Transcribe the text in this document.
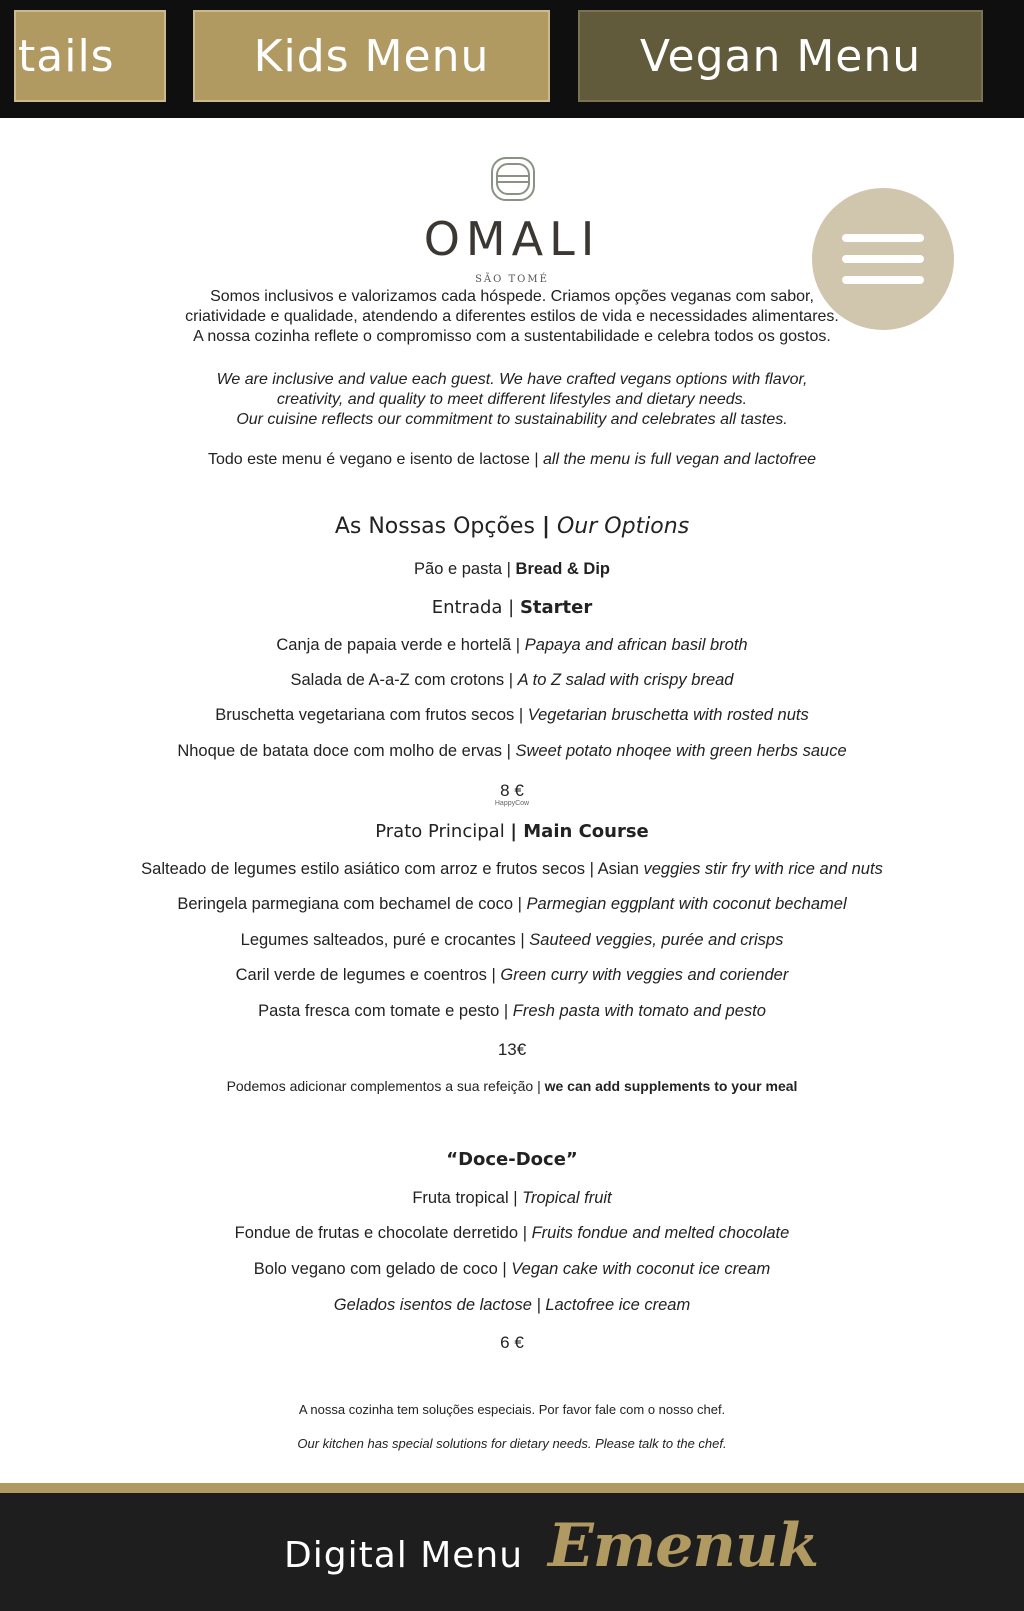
tails	Kids Menu	Vegan Menu
OMALI
SÃO TOMÉ
Somos inclusivos e valorizamos cada hóspede. Criamos opções veganas com sabor,
criatividade e qualidade, atendendo a diferentes estilos de vida e necessidades alimentares.
A nossa cozinha reflete o compromisso com a sustentabilidade e celebra todos os gostos.
We are inclusive and value each guest. We have crafted vegans options with flavor,
creativity, and quality to meet different lifestyles and dietary needs.
Our cuisine reflects our commitment to sustainability and celebrates all tastes.
Todo este menu é vegano e isento de lactose | all the menu is full vegan and lactofree
As Nossas Opções | Our Options
Pão e pasta | Bread & Dip
Entrada | Starter
Canja de papaia verde e hortelã | Papaya and african basil broth
Salada de A-a-Z com crotons | A to Z salad with crispy bread
Bruschetta vegetariana com frutos secos | Vegetarian bruschetta with rosted nuts
Nhoque de batata doce com molho de ervas | Sweet potato nhoqee with green herbs sauce
8 €
HappyCow
Prato Principal | Main Course
Salteado de legumes estilo asiático com arroz e frutos secos | Asian veggies stir fry with rice and nuts
Beringela parmegiana com bechamel de coco | Parmegian eggplant with coconut bechamel
Legumes salteados, puré e crocantes | Sauteed veggies, purée and crisps
Caril verde de legumes e coentros | Green curry with veggies and coriender
Pasta fresca com tomate e pesto | Fresh pasta with tomato and pesto
13€
Podemos adicionar complementos a sua refeição | we can add supplements to your meal
“Doce-Doce”
Fruta tropical | Tropical fruit
Fondue de frutas e chocolate derretido | Fruits fondue and melted chocolate
Bolo vegano com gelado de coco | Vegan cake with coconut ice cream
Gelados isentos de lactose | Lactofree ice cream
6 €
A nossa cozinha tem soluções especiais. Por favor fale com o nosso chef.
Our kitchen has special solutions for dietary needs. Please talk to the chef.
Digital Menu Emenuk
